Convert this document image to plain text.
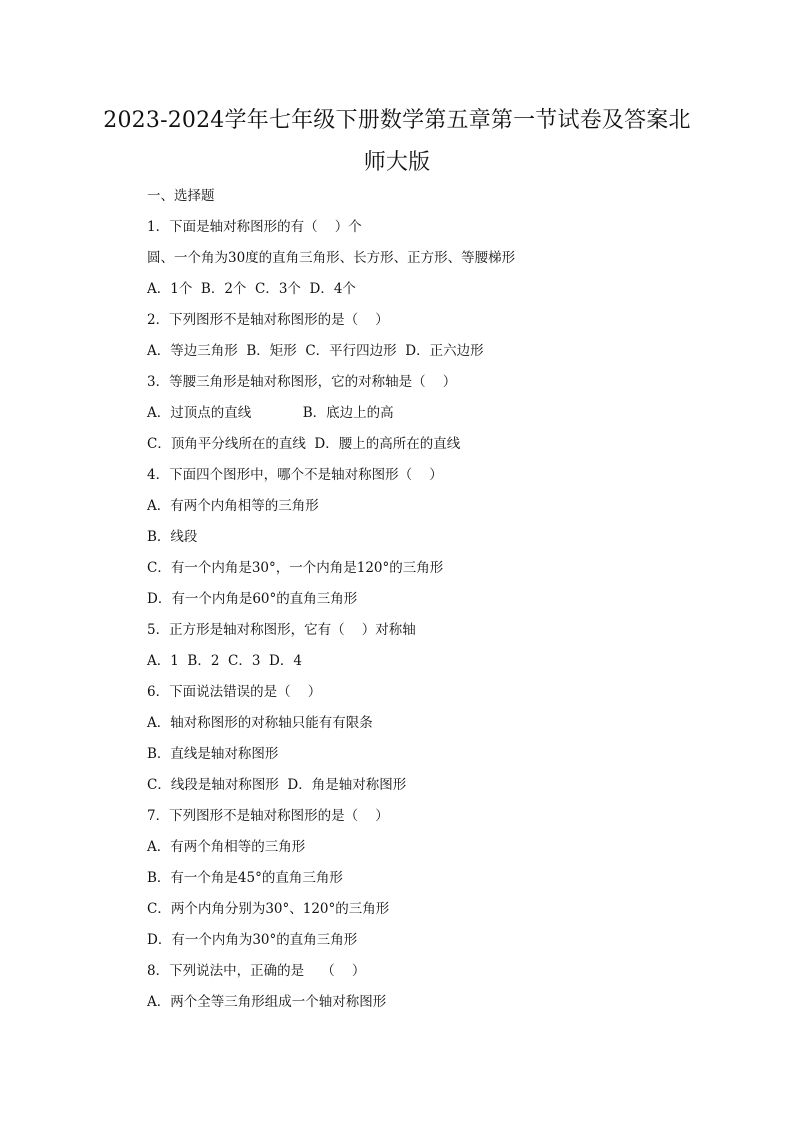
2023-2024学年七年级下册数学第五章第一节试卷及答案北
师大版
一、选择题
1．下面是轴对称图形的有（    ）个
圆、一个角为30度的直角三角形、长方形、正方形、等腰梯形
A．1个  B．2个  C．3个  D．4个
2．下列图形不是轴对称图形的是（    ）
A．等边三角形  B．矩形  C．平行四边形  D．正六边形
3．等腰三角形是轴对称图形，它的对称轴是（    ）
A．过顶点的直线            B．底边上的高
C．顶角平分线所在的直线  D．腰上的高所在的直线
4．下面四个图形中，哪个不是轴对称图形（    ）
A．有两个内角相等的三角形
B．线段
C．有一个内角是30°，一个内角是120°的三角形
D．有一个内角是60°的直角三角形
5．正方形是轴对称图形，它有（    ）对称轴
A．1  B．2  C．3  D．4
6．下面说法错误的是（    ）
A．轴对称图形的对称轴只能有有限条
B．直线是轴对称图形
C．线段是轴对称图形  D．角是轴对称图形
7．下列图形不是轴对称图形的是（    ）
A．有两个角相等的三角形
B．有一个角是45°的直角三角形
C．两个内角分别为30°、120°的三角形
D．有一个内角为30°的直角三角形
8．下列说法中，正确的是    （    ）
A．两个全等三角形组成一个轴对称图形
